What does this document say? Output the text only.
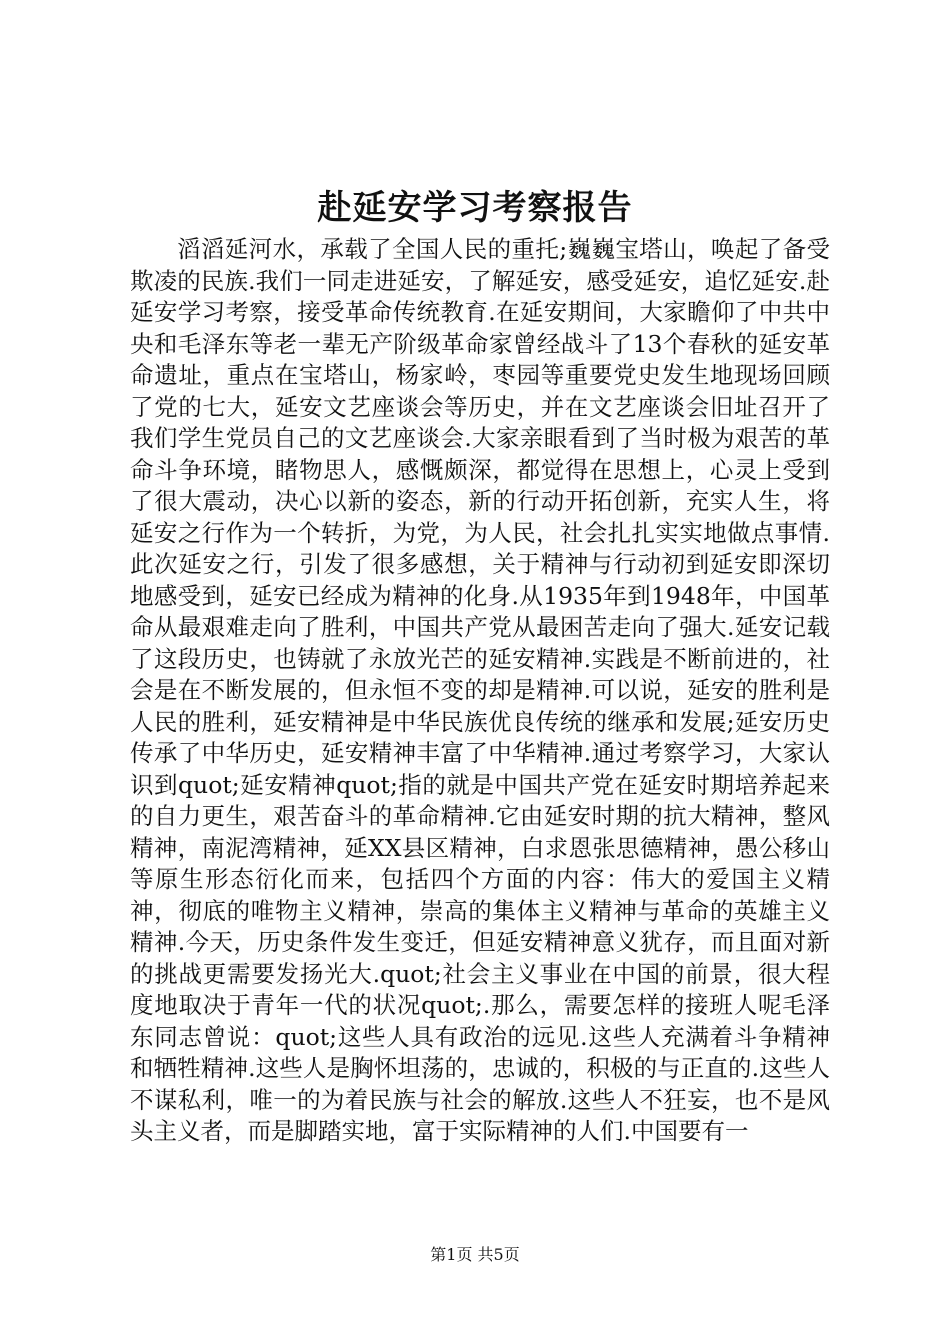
赴延安学习考察报告

滔滔延河水，承载了全国人民的重托;巍巍宝塔山，唤起了备受欺凌的民族.我们一同走进延安，了解延安，感受延安，追忆延安.赴延安学习考察，接受革命传统教育.在延安期间，大家瞻仰了中共中央和毛泽东等老一辈无产阶级革命家曾经战斗了13个春秋的延安革命遗址，重点在宝塔山，杨家岭，枣园等重要党史发生地现场回顾了党的七大，延安文艺座谈会等历史，并在文艺座谈会旧址召开了我们学生党员自己的文艺座谈会.大家亲眼看到了当时极为艰苦的革命斗争环境，睹物思人，感慨颇深，都觉得在思想上，心灵上受到了很大震动，决心以新的姿态，新的行动开拓创新，充实人生，将延安之行作为一个转折，为党，为人民，社会扎扎实实地做点事情.此次延安之行，引发了很多感想，关于精神与行动初到延安即深切地感受到，延安已经成为精神的化身.从1935年到1948年，中国革命从最艰难走向了胜利，中国共产党从最困苦走向了强大.延安记载了这段历史，也铸就了永放光芒的延安精神.实践是不断前进的，社会是在不断发展的，但永恒不变的却是精神.可以说，延安的胜利是人民的胜利，延安精神是中华民族优良传统的继承和发展;延安历史传承了中华历史，延安精神丰富了中华精神.通过考察学习，大家认识到quot;延安精神quot;指的就是中国共产党在延安时期培养起来的自力更生，艰苦奋斗的革命精神.它由延安时期的抗大精神，整风精神，南泥湾精神，延XX县区精神，白求恩张思德精神，愚公移山等原生形态衍化而来，包括四个方面的内容：伟大的爱国主义精神，彻底的唯物主义精神，崇高的集体主义精神与革命的英雄主义精神.今天，历史条件发生变迁，但延安精神意义犹存，而且面对新的挑战更需要发扬光大.quot;社会主义事业在中国的前景，很大程度地取决于青年一代的状况quot;.那么，需要怎样的接班人呢毛泽东同志曾说：quot;这些人具有政治的远见.这些人充满着斗争精神和牺牲精神.这些人是胸怀坦荡的，忠诚的，积极的与正直的.这些人不谋私利，唯一的为着民族与社会的解放.这些人不狂妄，也不是风头主义者，而是脚踏实地，富于实际精神的人们.中国要有一

第1页 共5页
